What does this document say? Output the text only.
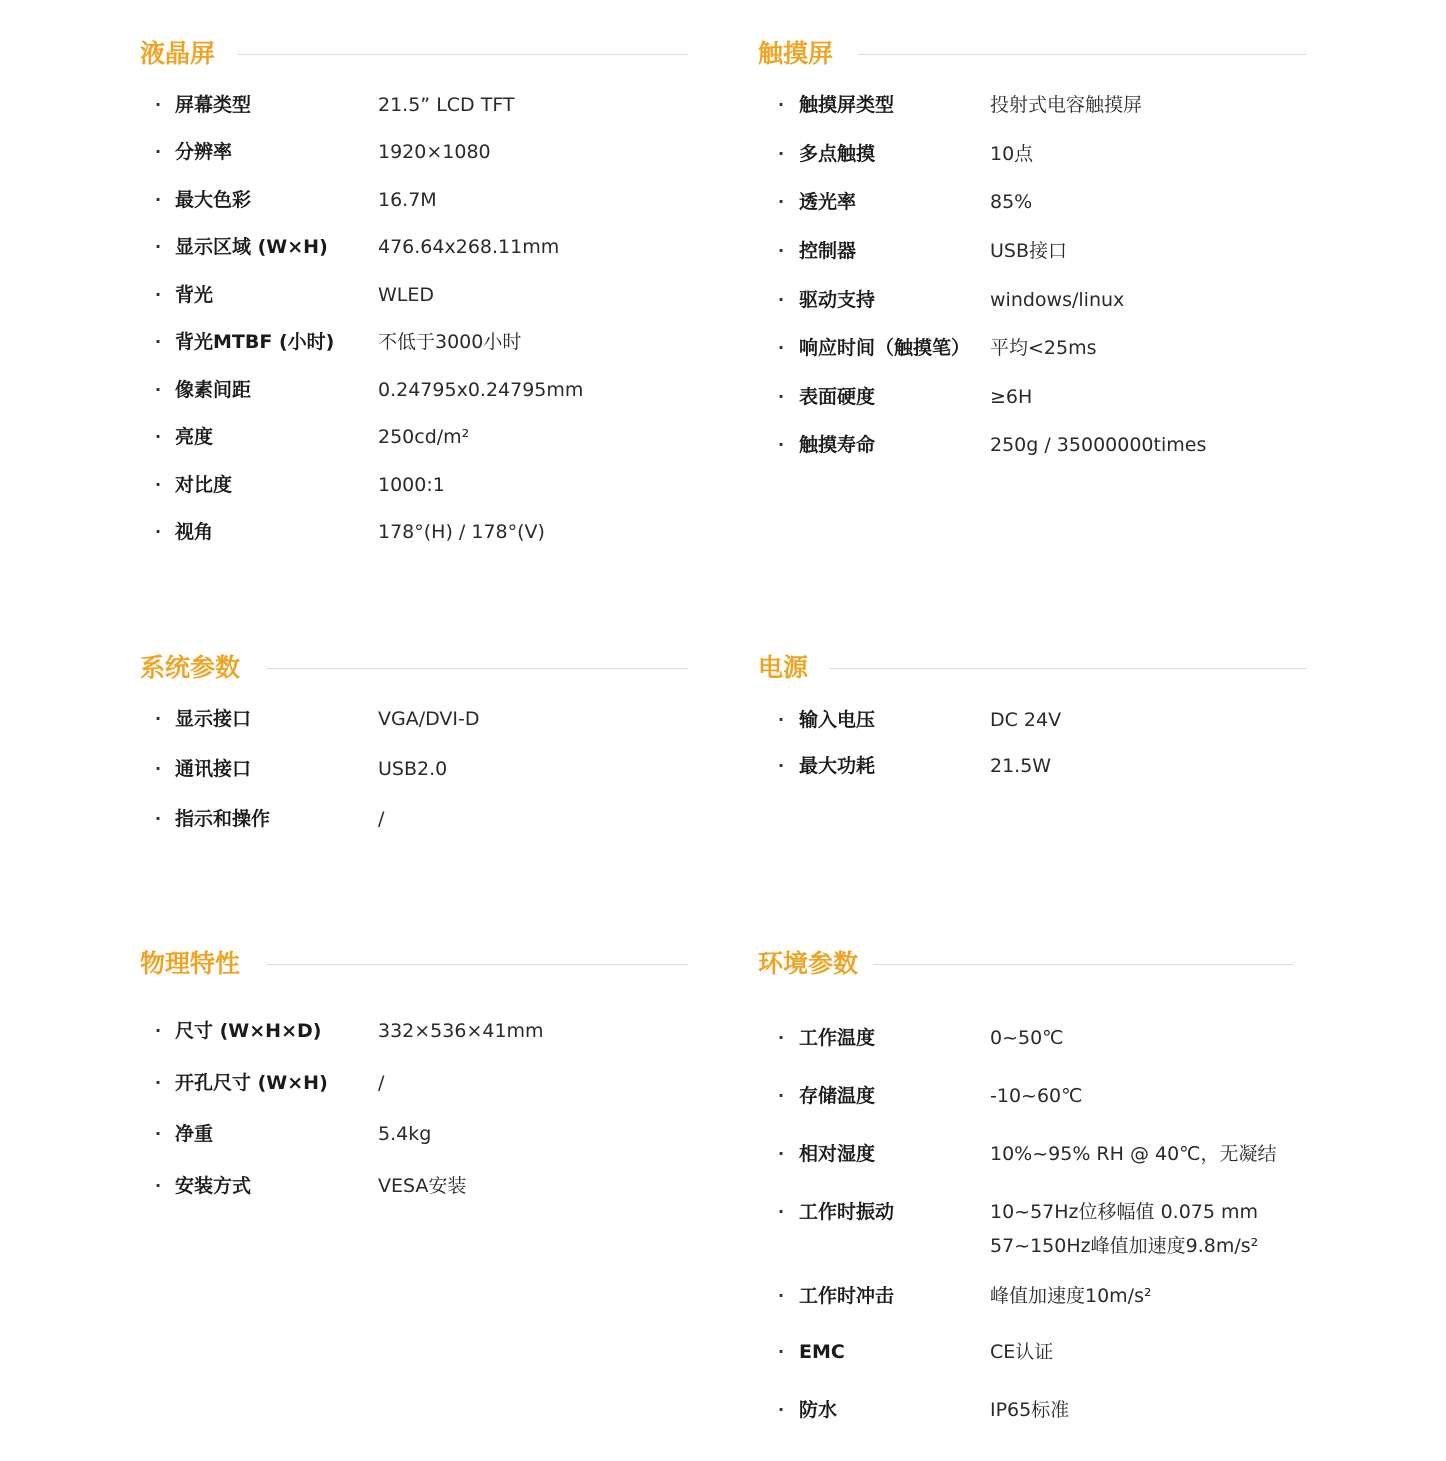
液晶屏
· 屏幕类型	21.5” LCD TFT
· 分辨率	1920×1080
· 最大色彩	16.7M
· 显示区域 (W×H)	476.64x268.11mm
· 背光	WLED
· 背光MTBF (小时) 不低于3000小时
· 像素间距	0.24795x0.24795mm
· 亮度	250cd/m²
· 对比度	1000:1
· 视角	178°(H) / 178°(V)
触摸屏
· 触摸屏类型	投射式电容触摸屏
· 多点触摸	10点
· 透光率	85%
· 控制器	USB接口
· 驱动支持	windows/linux
· 响应时间（触摸笔） 平均<25ms
· 表面硬度	≥6H
· 触摸寿命	250g / 35000000times
系统参数
· 显示接口	VGA/DVI-D
· 通讯接口	USB2.0
· 指示和操作	/
电源
· 输入电压	DC 24V
· 最大功耗	21.5W
物理特性
· 尺寸 (W×H×D)	332×536×41mm
· 开孔尺寸 (W×H)	/
· 净重	5.4kg
· 安装方式	VESA安装
环境参数
· 工作温度	0~50℃
· 存储温度	-10~60℃
· 相对湿度	10%~95% RH @ 40℃，无凝结
· 工作时振动	10~57Hz位移幅值 0.075 mm
57~150Hz峰值加速度9.8m/s²
· 工作时冲击	峰值加速度10m/s²
· EMC	CE认证
· 防水	IP65标准
